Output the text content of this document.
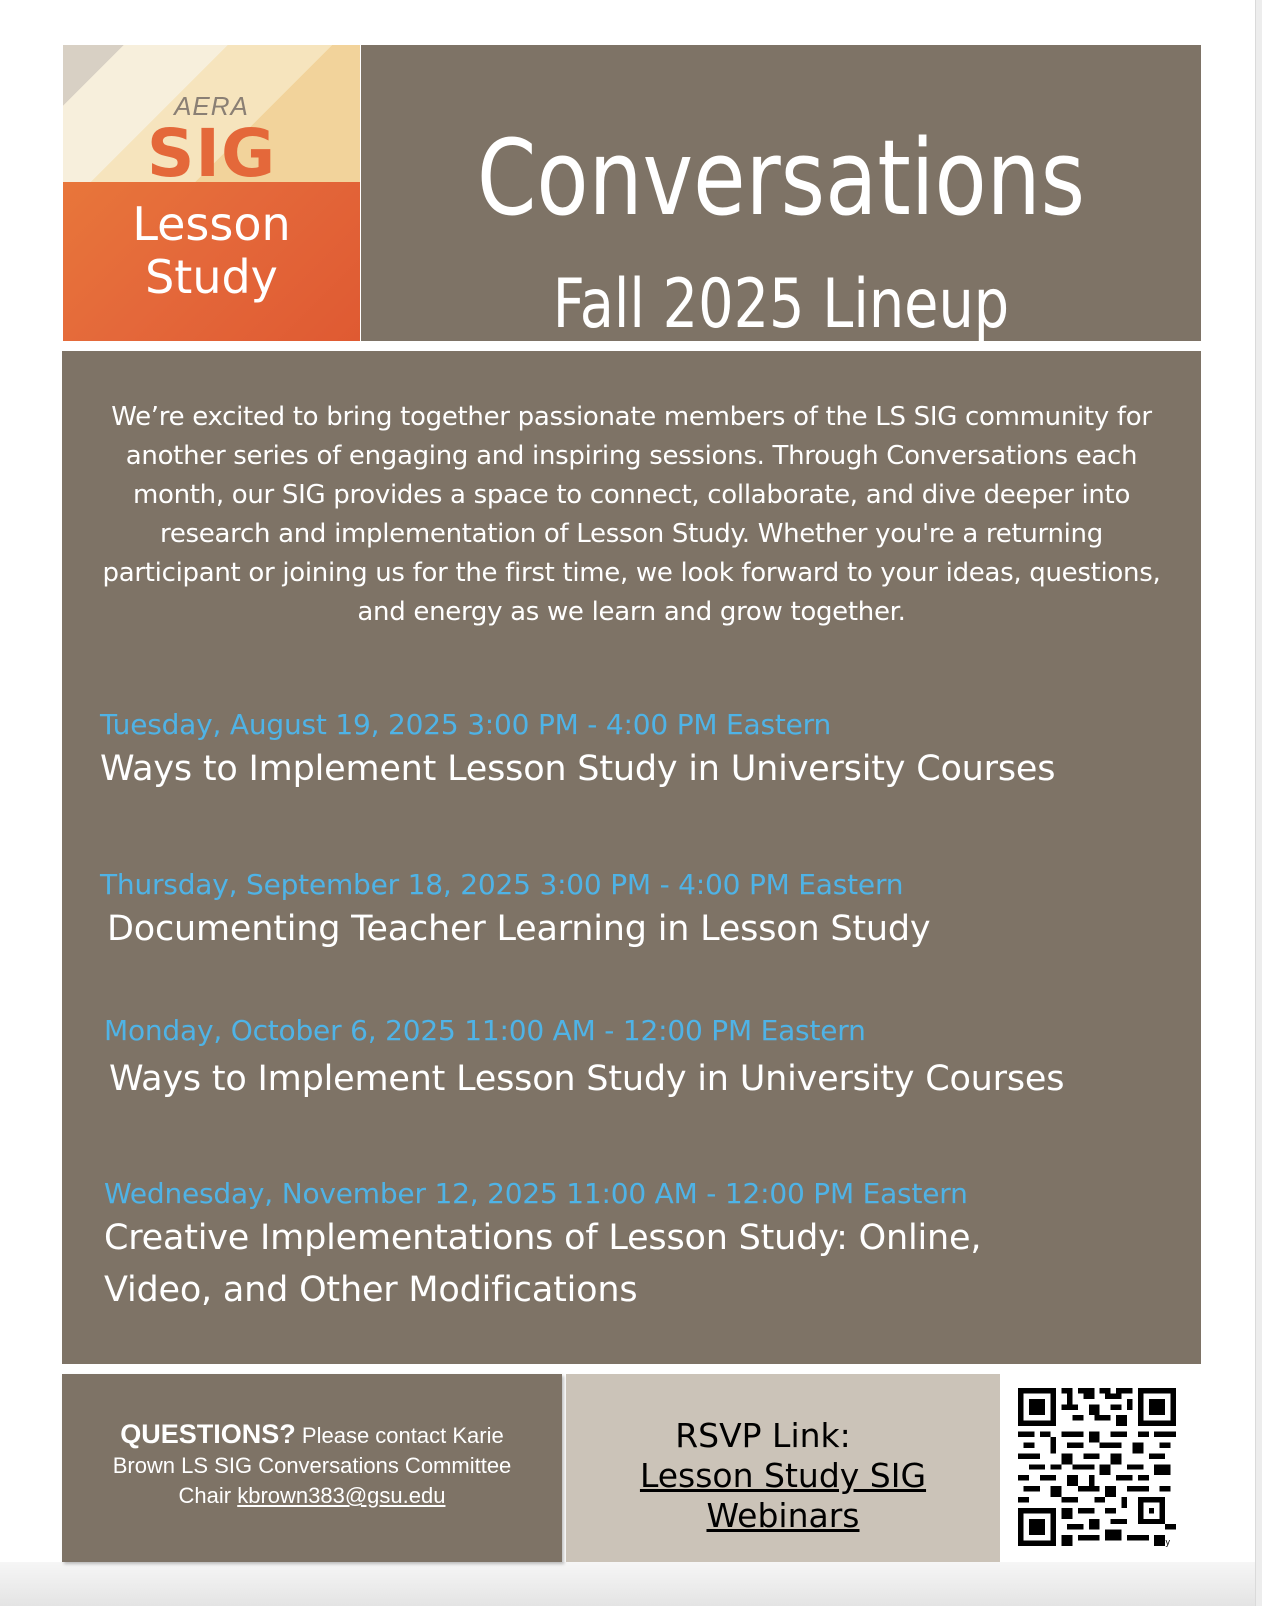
AERA
SIG
Lesson
Study
Conversations
Fall 2025 Lineup
We’re excited to bring together passionate members of the LS SIG community for another series of engaging and inspiring sessions. Through Conversations each month, our SIG provides a space to connect, collaborate, and dive deeper into research and implementation of Lesson Study. Whether you're a returning participant or joining us for the first time, we look forward to your ideas, questions, and energy as we learn and grow together.
Tuesday, August 19, 2025 3:00 PM - 4:00 PM Eastern
Ways to Implement Lesson Study in University Courses
Thursday, September 18, 2025 3:00 PM - 4:00 PM Eastern
Documenting Teacher Learning in Lesson Study
Monday, October 6, 2025 11:00 AM - 12:00 PM Eastern
Ways to Implement Lesson Study in University Courses
Wednesday, November 12, 2025 11:00 AM - 12:00 PM Eastern
Creative Implementations of Lesson Study: Online, Video, and Other Modifications
QUESTIONS? Please contact Karie Brown LS SIG Conversations Committee Chair kbrown383@gsu.edu
RSVP Link:
Lesson Study SIG Webinars
bitly
